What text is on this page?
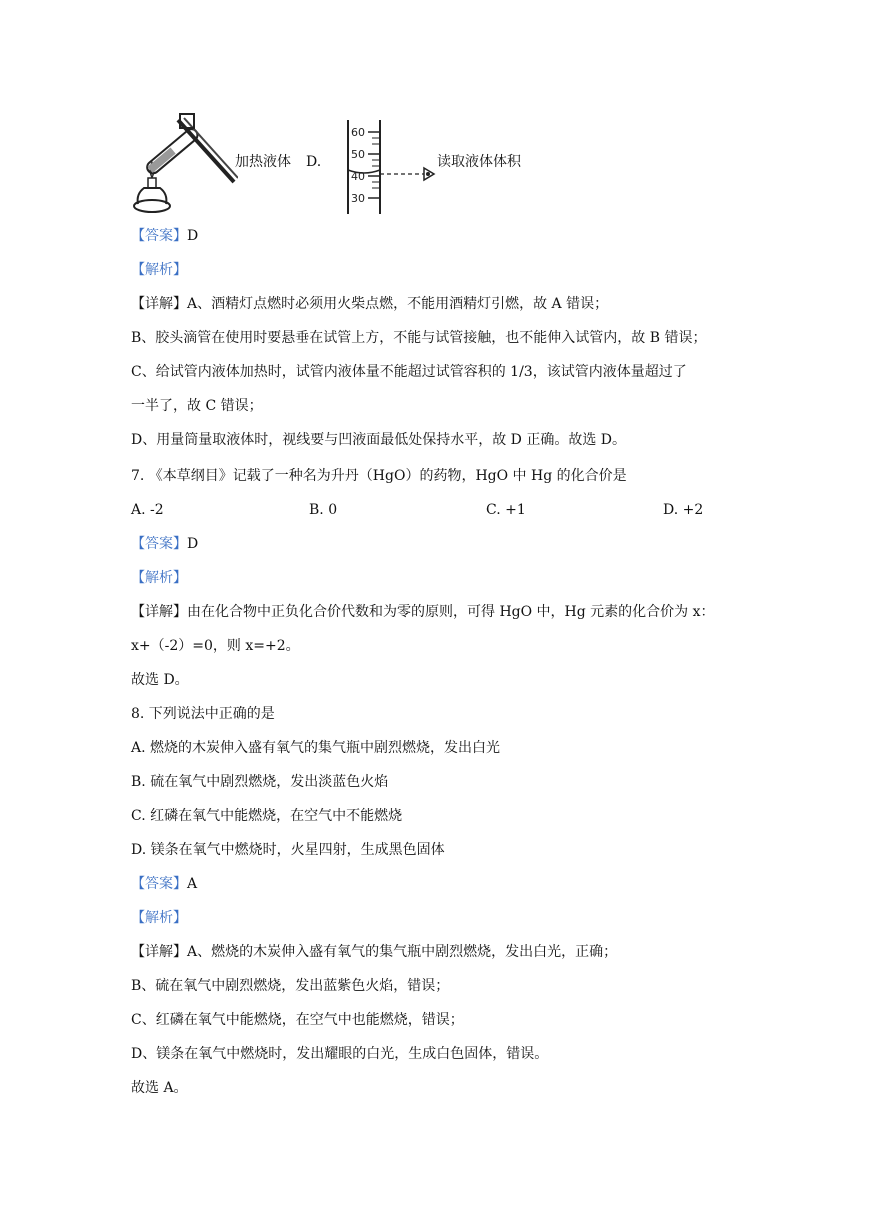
加热液体 D.
60
50
40
30
读取液体体积
【答案】D
【解析】
【详解】A、酒精灯点燃时必须用火柴点燃，不能用酒精灯引燃，故 A 错误；
B、胶头滴管在使用时要悬垂在试管上方，不能与试管接触，也不能伸入试管内，故 B 错误；
C、给试管内液体加热时，试管内液体量不能超过试管容积的 1/3，该试管内液体量超过了
一半了，故 C 错误；
D、用量筒量取液体时，视线要与凹液面最低处保持水平，故 D 正确。故选 D。
7. 《本草纲目》记载了一种名为升丹（HgO）的药物，HgO 中 Hg 的化合价是
A. -2	B. 0	C. +1	D. +2
【答案】D
【解析】
【详解】由在化合物中正负化合价代数和为零的原则，可得 HgO 中，Hg 元素的化合价为 x：
x+（-2）=0，则 x=+2。
故选 D。
8. 下列说法中正确的是
A. 燃烧的木炭伸入盛有氧气的集气瓶中剧烈燃烧，发出白光
B. 硫在氧气中剧烈燃烧，发出淡蓝色火焰
C. 红磷在氧气中能燃烧，在空气中不能燃烧
D. 镁条在氧气中燃烧时，火星四射，生成黑色固体
【答案】A
【解析】
【详解】A、燃烧的木炭伸入盛有氧气的集气瓶中剧烈燃烧，发出白光，正确；
B、硫在氧气中剧烈燃烧，发出蓝紫色火焰，错误；
C、红磷在氧气中能燃烧，在空气中也能燃烧，错误；
D、镁条在氧气中燃烧时，发出耀眼的白光，生成白色固体，错误。
故选 A。
